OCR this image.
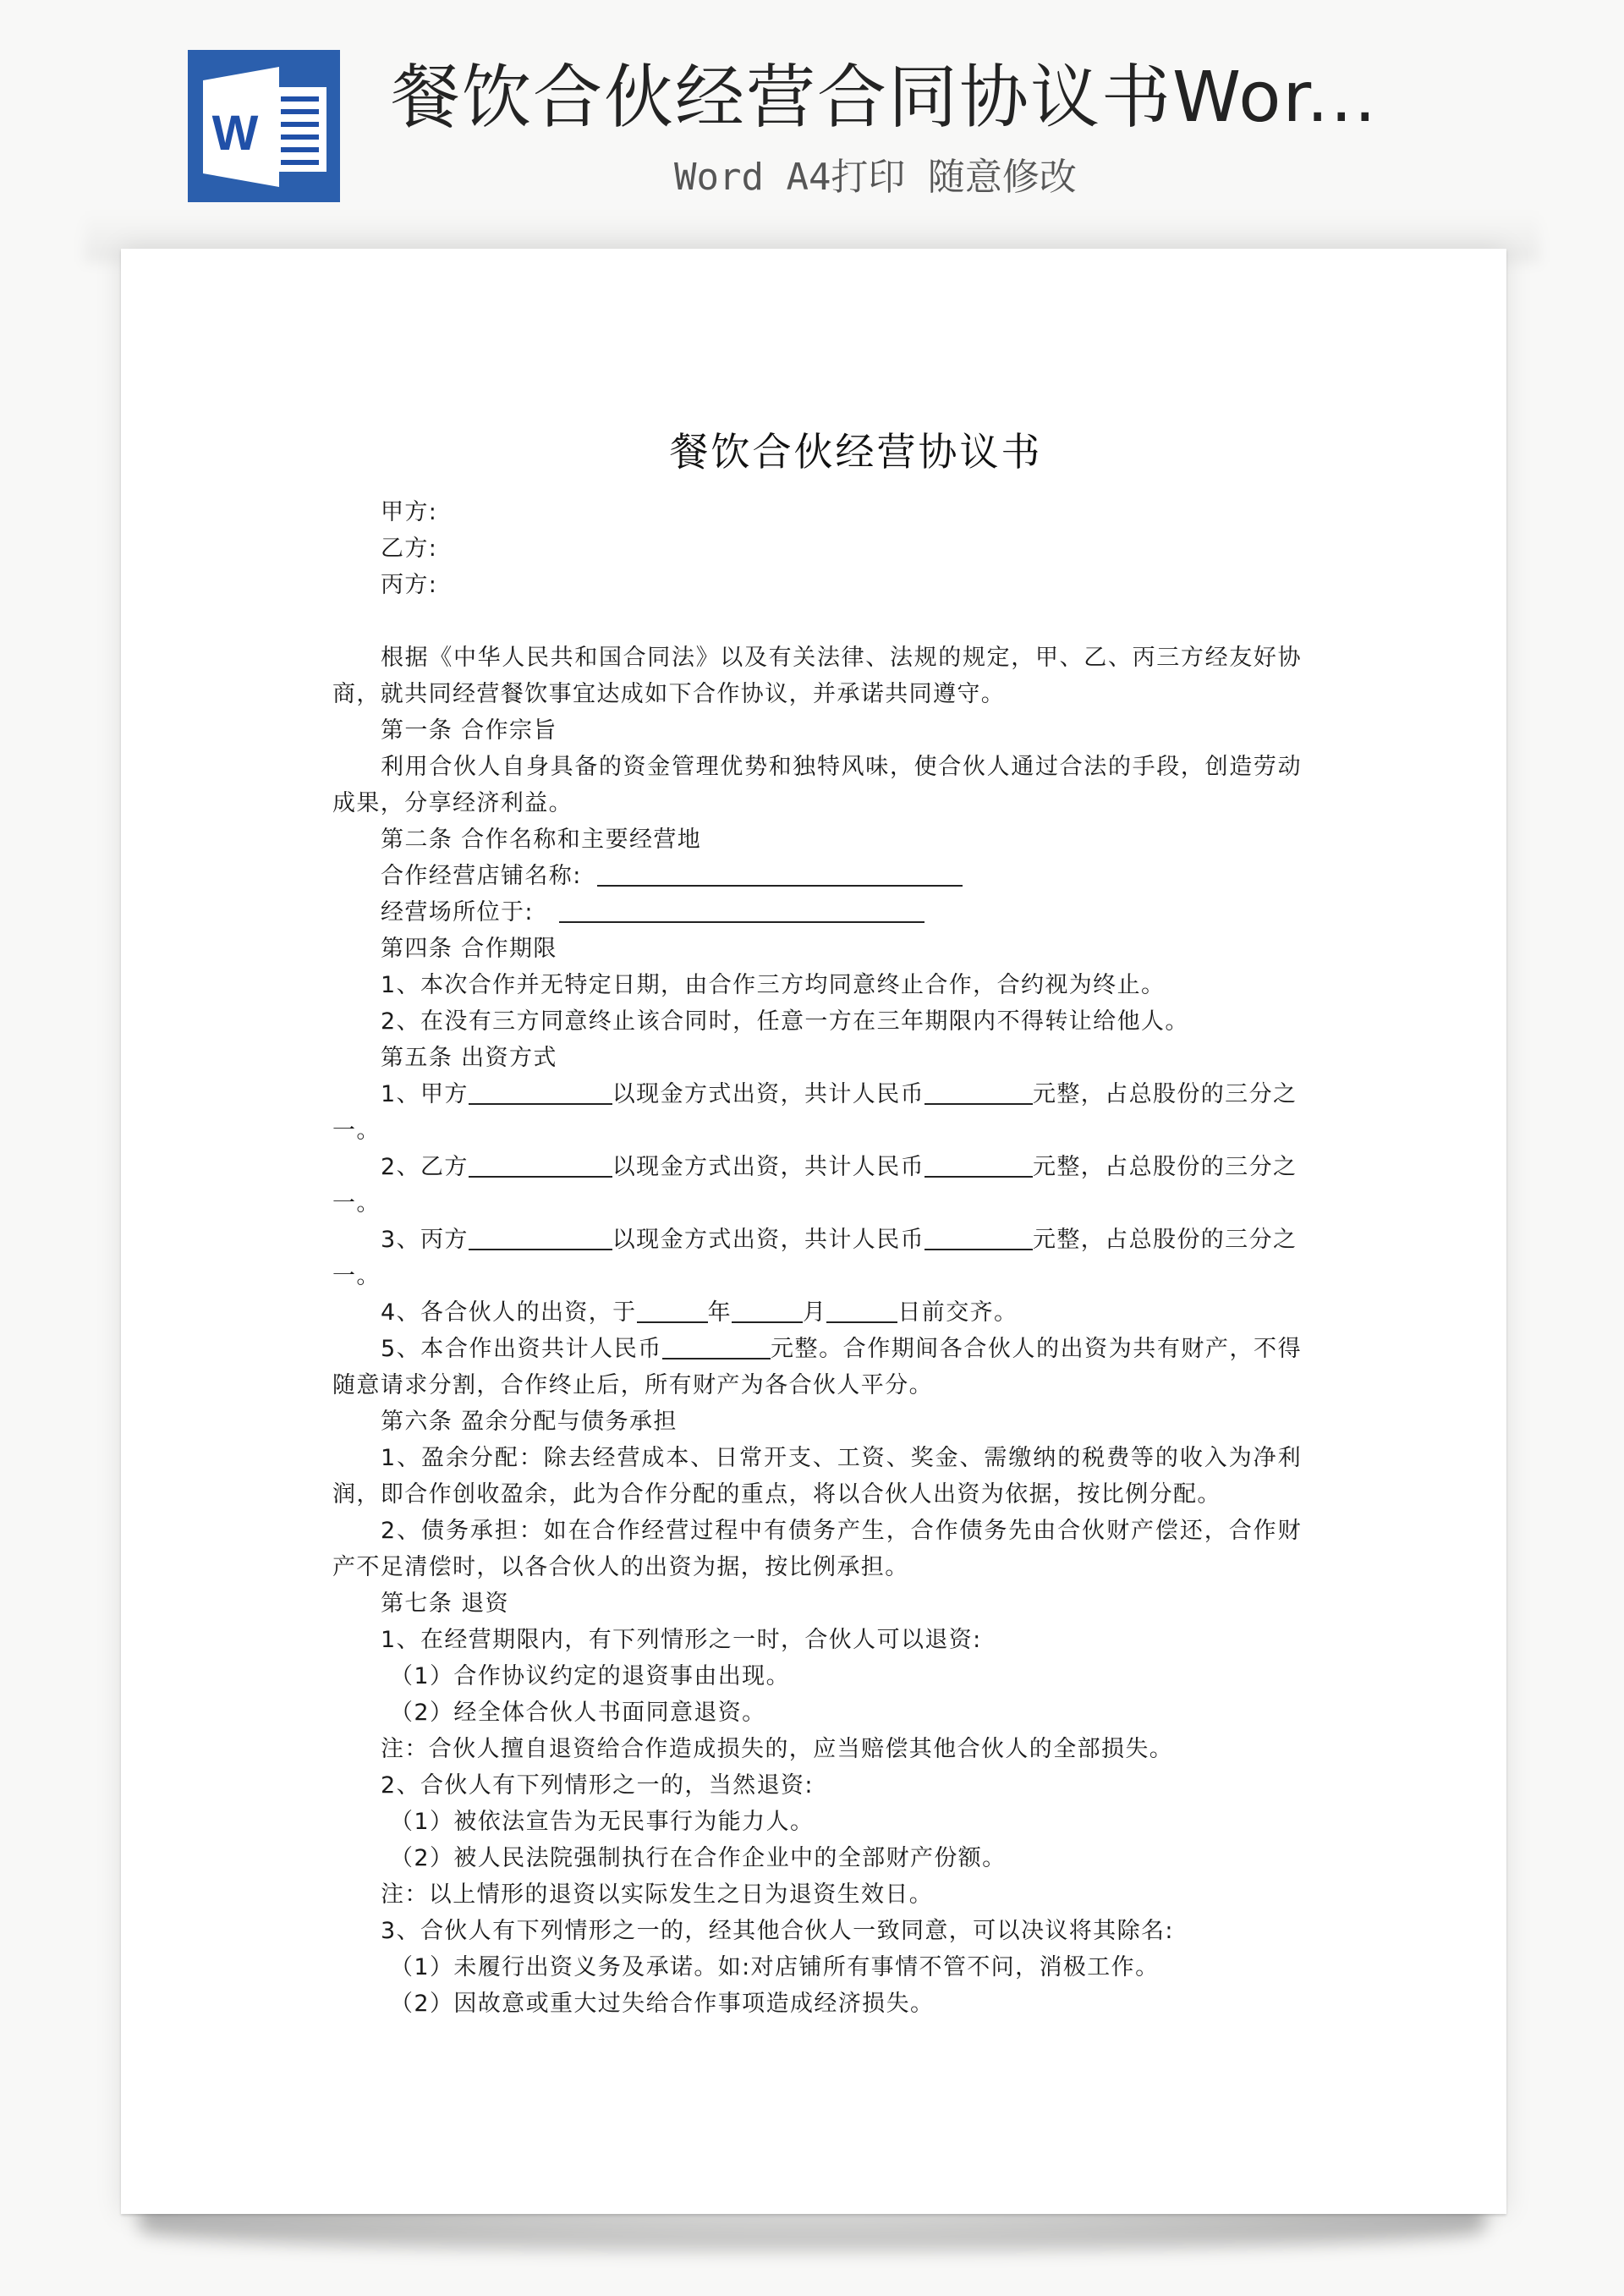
W 餐饮合伙经营合同协议书Wor...
Word A4打印 随意修改
餐饮合伙经营协议书

甲方:

乙方:

丙方:

根据《中华人民共和国合同法》以及有关法律、法规的规定，甲、乙、丙三方经友好协商，就共同经营餐饮事宜达成如下合作协议，并承诺共同遵守。

第一条 合作宗旨

利用合伙人自身具备的资金管理优势和独特风味，使合伙人通过合法的手段，创造劳动成果，分享经济利益。

第二条 合作名称和主要经营地

合作经营店铺名称:

经营场所位于:

第四条 合作期限

1、本次合作并无特定日期，由合作三方均同意终止合作，合约视为终止。

2、在没有三方同意终止该合同时，任意一方在三年期限内不得转让给他人。

第五条 出资方式

1、甲方	以现金方式出资，共计人民币	元整，占总股份的三分之一。

2、乙方	以现金方式出资，共计人民币	元整，占总股份的三分之一。

3、丙方	以现金方式出资，共计人民币	元整，占总股份的三分之一。

4、各合伙人的出资，于	年	月	日前交齐。

5、本合作出资共计人民币	元整。合作期间各合伙人的出资为共有财产，不得随意请求分割，合作终止后，所有财产为各合伙人平分。

第六条 盈余分配与债务承担

1、盈余分配：除去经营成本、日常开支、工资、奖金、需缴纳的税费等的收入为净利润，即合作创收盈余，此为合作分配的重点，将以合伙人出资为依据，按比例分配。

2、债务承担：如在合作经营过程中有债务产生，合作债务先由合伙财产偿还，合作财产不足清偿时，以各合伙人的出资为据，按比例承担。

第七条 退资

1、在经营期限内，有下列情形之一时，合伙人可以退资:

（1）合作协议约定的退资事由出现。

（2）经全体合伙人书面同意退资。

注：合伙人擅自退资给合作造成损失的，应当赔偿其他合伙人的全部损失。

2、合伙人有下列情形之一的，当然退资:

（1）被依法宣告为无民事行为能力人。

（2）被人民法院强制执行在合作企业中的全部财产份额。

注：以上情形的退资以实际发生之日为退资生效日。

3、合伙人有下列情形之一的，经其他合伙人一致同意，可以决议将其除名:

（1）未履行出资义务及承诺。如:对店铺所有事情不管不问，消极工作。

（2）因故意或重大过失给合作事项造成经济损失。
